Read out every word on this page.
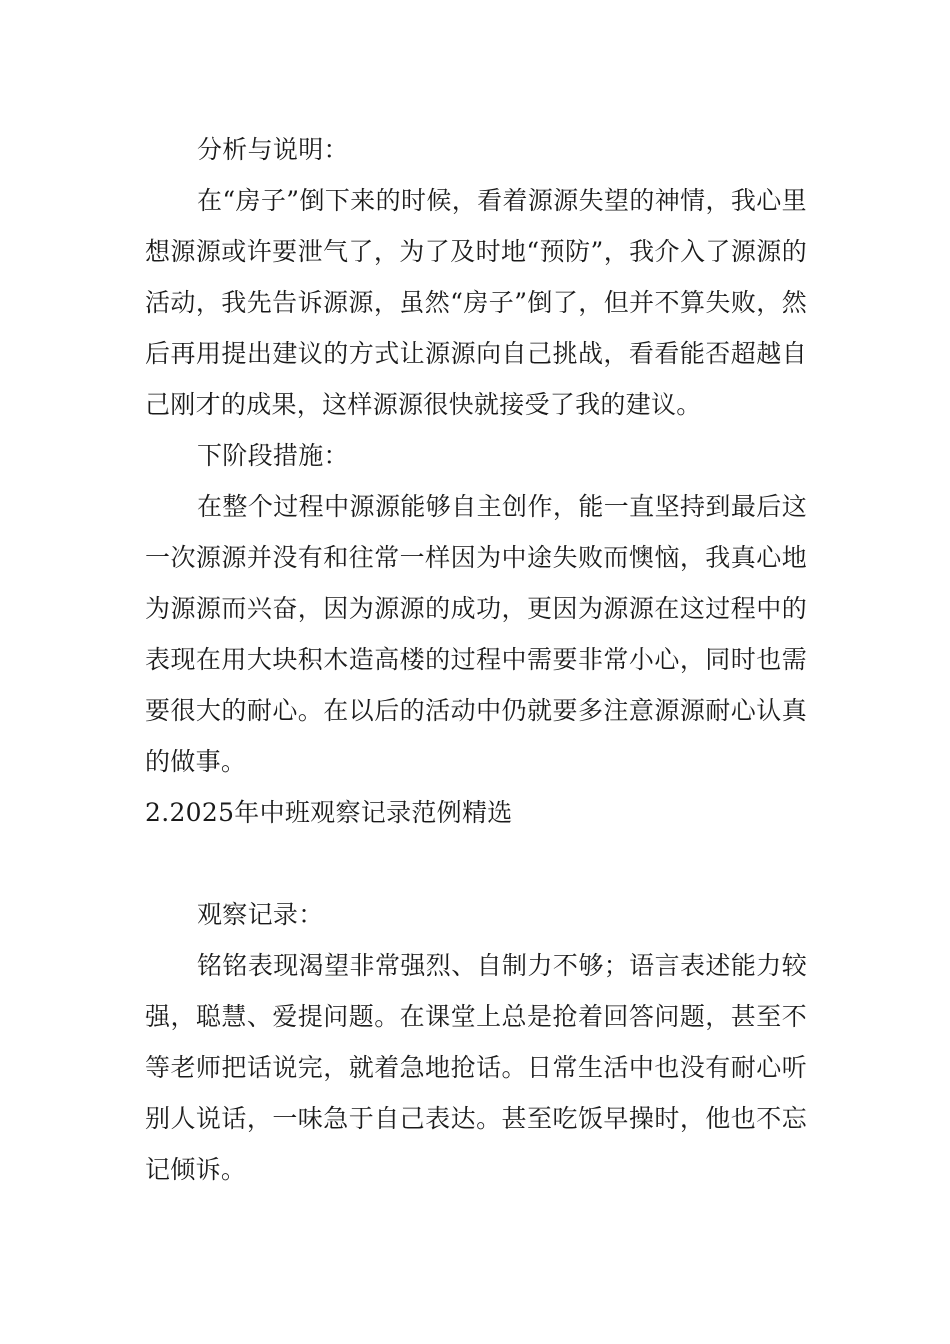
分析与说明：

在“房子”倒下来的时候，看着源源失望的神情，我心里想源源或许要泄气了，为了及时地“预防”，我介入了源源的活动，我先告诉源源，虽然“房子”倒了，但并不算失败，然后再用提出建议的方式让源源向自己挑战，看看能否超越自己刚才的成果，这样源源很快就接受了我的建议。

下阶段措施：

在整个过程中源源能够自主创作，能一直坚持到最后这一次源源并没有和往常一样因为中途失败而懊恼，我真心地为源源而兴奋，因为源源的成功，更因为源源在这过程中的表现在用大块积木造高楼的过程中需要非常小心，同时也需要很大的耐心。在以后的活动中仍就要多注意源源耐心认真的做事。

2.2025年中班观察记录范例精选

观察记录：

铭铭表现渴望非常强烈、自制力不够；语言表述能力较强，聪慧、爱提问题。在课堂上总是抢着回答问题，甚至不等老师把话说完，就着急地抢话。日常生活中也没有耐心听别人说话，一味急于自己表达。甚至吃饭早操时，他也不忘记倾诉。
